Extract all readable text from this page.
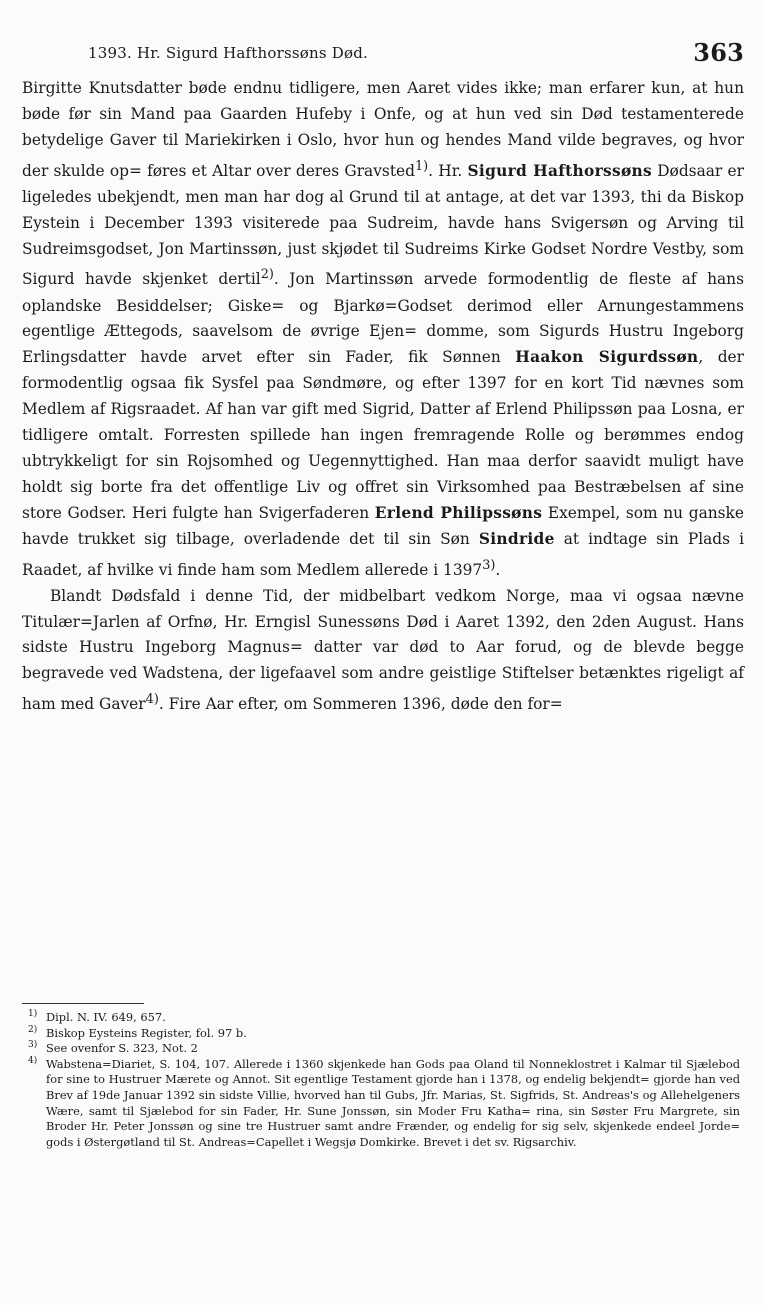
1393. Hr. Sigurd Hafthorssøns Død.	363

Birgitte Knutsdatter bøde endnu tidligere, men Aaret vides ikke; man erfarer kun, at hun bøde før sin Mand paa Gaarden Hufeby i Onfe, og at hun ved sin Død testamenterede betydelige Gaver til Mariekirken i Oslo, hvor hun og hendes Mand vilde begraves, og hvor der skulde op= føres et Altar over deres Gravsted$^{1)}$. Hr. Sigurd Hafthorssøns Dødsaar er ligeledes ubekjendt, men man har dog al Grund til at antage, at det var 1393, thi da Biskop Eystein i December 1393 visiterede paa Sudreim, havde hans Svigersøn og Arving til Sudreimsgodset, Jon Martinssøn, just skjødet til Sudreims Kirke Godset Nordre Vestby, som Sigurd havde skjenket dertil$^{2)}$. Jon Martinssøn arvede formodentlig de fleste af hans oplandske Besiddelser; Giske= og Bjarkø=Godset derimod eller Arnungestammens egentlige Ættegods, saavelsom de øvrige Ejen= domme, som Sigurds Hustru Ingeborg Erlingsdatter havde arvet efter sin Fader, fik Sønnen Haakon Sigurdssøn, der formodentlig ogsaa fik Sysfel paa Søndmøre, og efter 1397 for en kort Tid nævnes som Medlem af Rigsraadet. Af han var gift med Sigrid, Datter af Erlend Philipssøn paa Losna, er tidligere omtalt. Forresten spillede han ingen fremragende Rolle og berømmes endog ubtrykkeligt for sin Rojsomhed og Uegennyttighed. Han maa derfor saavidt muligt have holdt sig borte fra det offentlige Liv og offret sin Virksomhed paa Bestræbelsen af sine store Godser. Heri fulgte han Svigerfaderen Erlend Philipssøns Exempel, som nu ganske havde trukket sig tilbage, overladende det til sin Søn Sindride at indtage sin Plads i Raadet, af hvilke vi finde ham som Medlem allerede i 1397$^{3)}$.

Blandt Dødsfald i denne Tid, der midbelbart vedkom Norge, maa vi ogsaa nævne Titulær=Jarlen af Orfnø, Hr. Erngisl Sunessøns Død i Aaret 1392, den 2den August. Hans sidste Hustru Ingeborg Magnus= datter var død to Aar forud, og de blevde begge begravede ved Wadstena, der ligefaavel som andre geistlige Stiftelser betænktes rigeligt af ham med Gaver$^{4)}$. Fire Aar efter, om Sommeren 1396, døde den for=

1) Dipl. N. IV. 649, 657.
2) Biskop Eysteins Register, fol. 97 b.
3) See ovenfor S. 323, Not. 2
4) Wabstena=Diariet, S. 104, 107. Allerede i 1360 skjenkede han Gods paa Oland til Nonneklostret i Kalmar til Sjælebod for sine to Hustruer Mærete og Annot. Sit egentlige Testament gjorde han i 1378, og endelig bekjendt= gjorde han ved Brev af 19de Januar 1392 sin sidste Villie, hvorved han til Gubs, Jfr. Marias, St. Sigfrids, St. Andreas's og Allehelgeners Wære, samt til Sjælebod for sin Fader, Hr. Sune Jonssøn, sin Moder Fru Katha= rina, sin Søster Fru Margrete, sin Broder Hr. Peter Jonssøn og sine tre Hustruer samt andre Frænder, og endelig for sig selv, skjenkede endeel Jorde= gods i Østergøtland til St. Andreas=Capellet i Wegsjø Domkirke. Brevet i det sv. Rigsarchiv.
